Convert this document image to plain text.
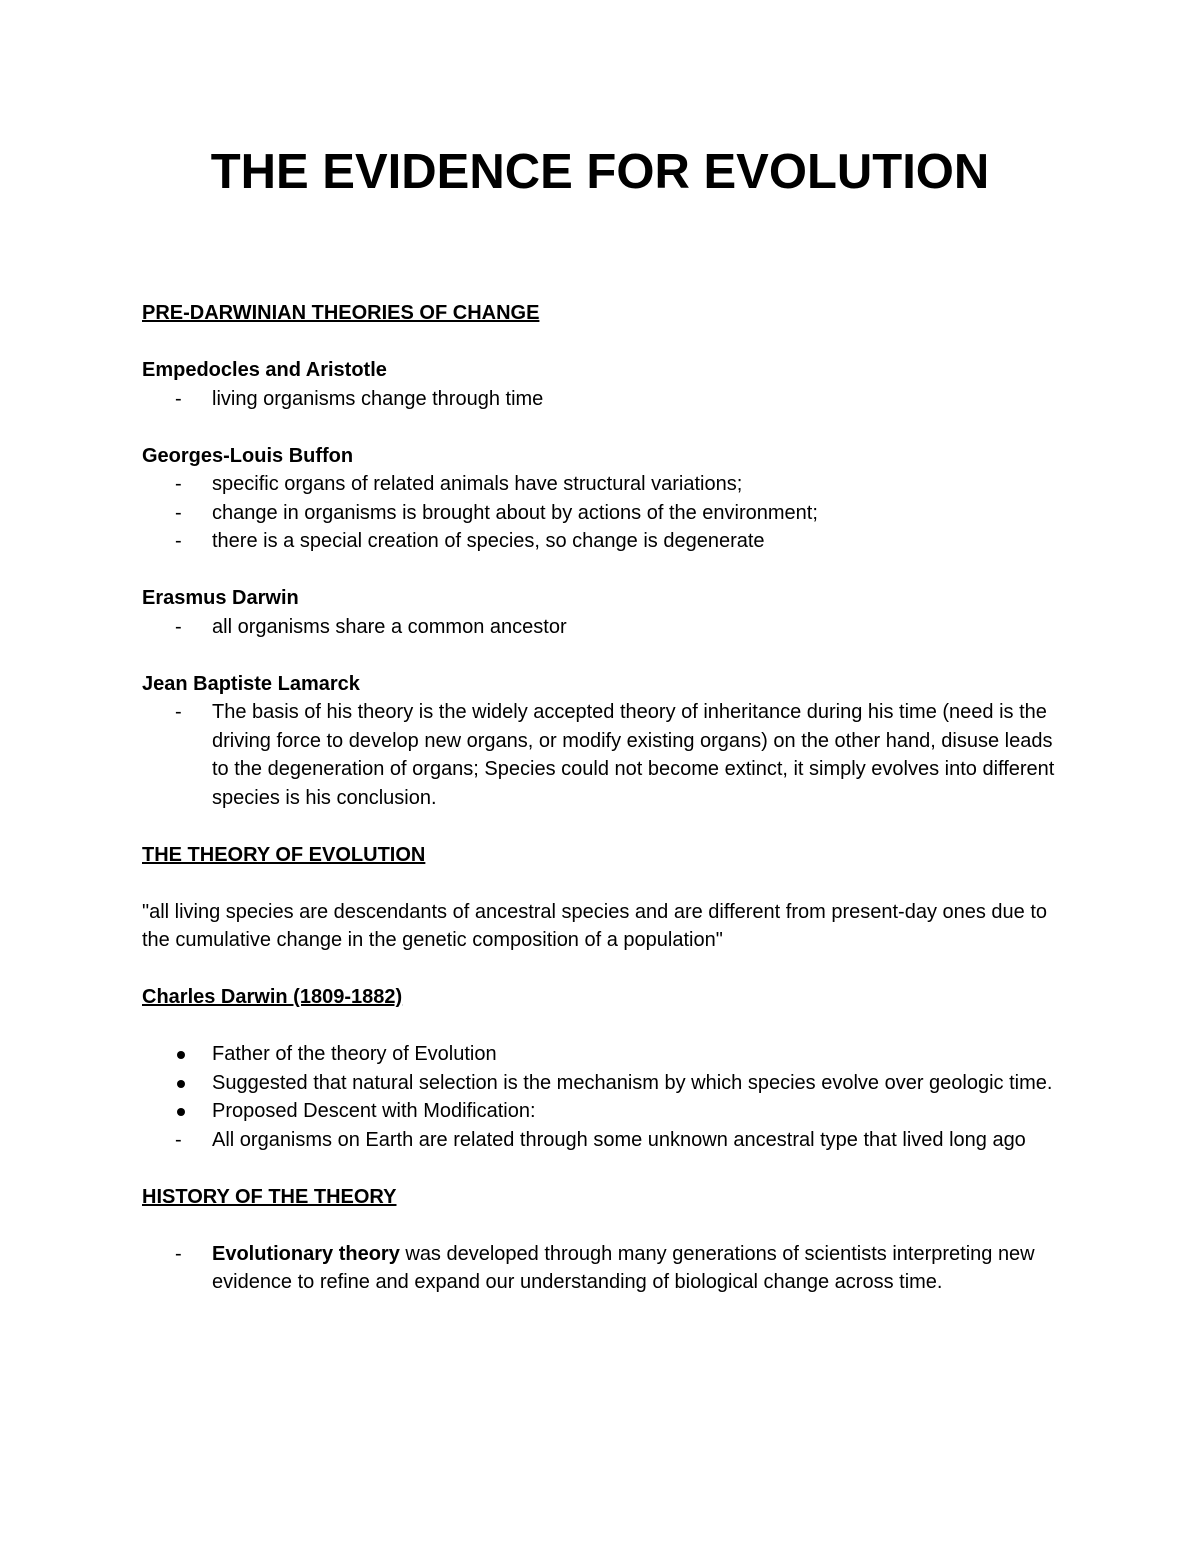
THE EVIDENCE FOR EVOLUTION

PRE-DARWINIAN THEORIES OF CHANGE

Empedocles and Aristotle

- living organisms change through time

Georges-Louis Buffon

- specific organs of related animals have structural variations;
- change in organisms is brought about by actions of the environment;
- there is a special creation of species, so change is degenerate

Erasmus Darwin

- all organisms share a common ancestor

Jean Baptiste Lamarck

- The basis of his theory is the widely accepted theory of inheritance during his time (need is the driving force to develop new organs, or modify existing organs) on the other hand, disuse leads to the degeneration of organs; Species could not become extinct, it simply evolves into different species is his conclusion.

THE THEORY OF EVOLUTION

"all living species are descendants of ancestral species and are different from present-day ones due to the cumulative change in the genetic composition of a population"

Charles Darwin (1809-1882)

Father of the theory of Evolution
Suggested that natural selection is the mechanism by which species evolve over geologic time.
Proposed Descent with Modification:
- All organisms on Earth are related through some unknown ancestral type that lived long ago

HISTORY OF THE THEORY

- Evolutionary theory was developed through many generations of scientists interpreting new evidence to refine and expand our understanding of biological change across time.
